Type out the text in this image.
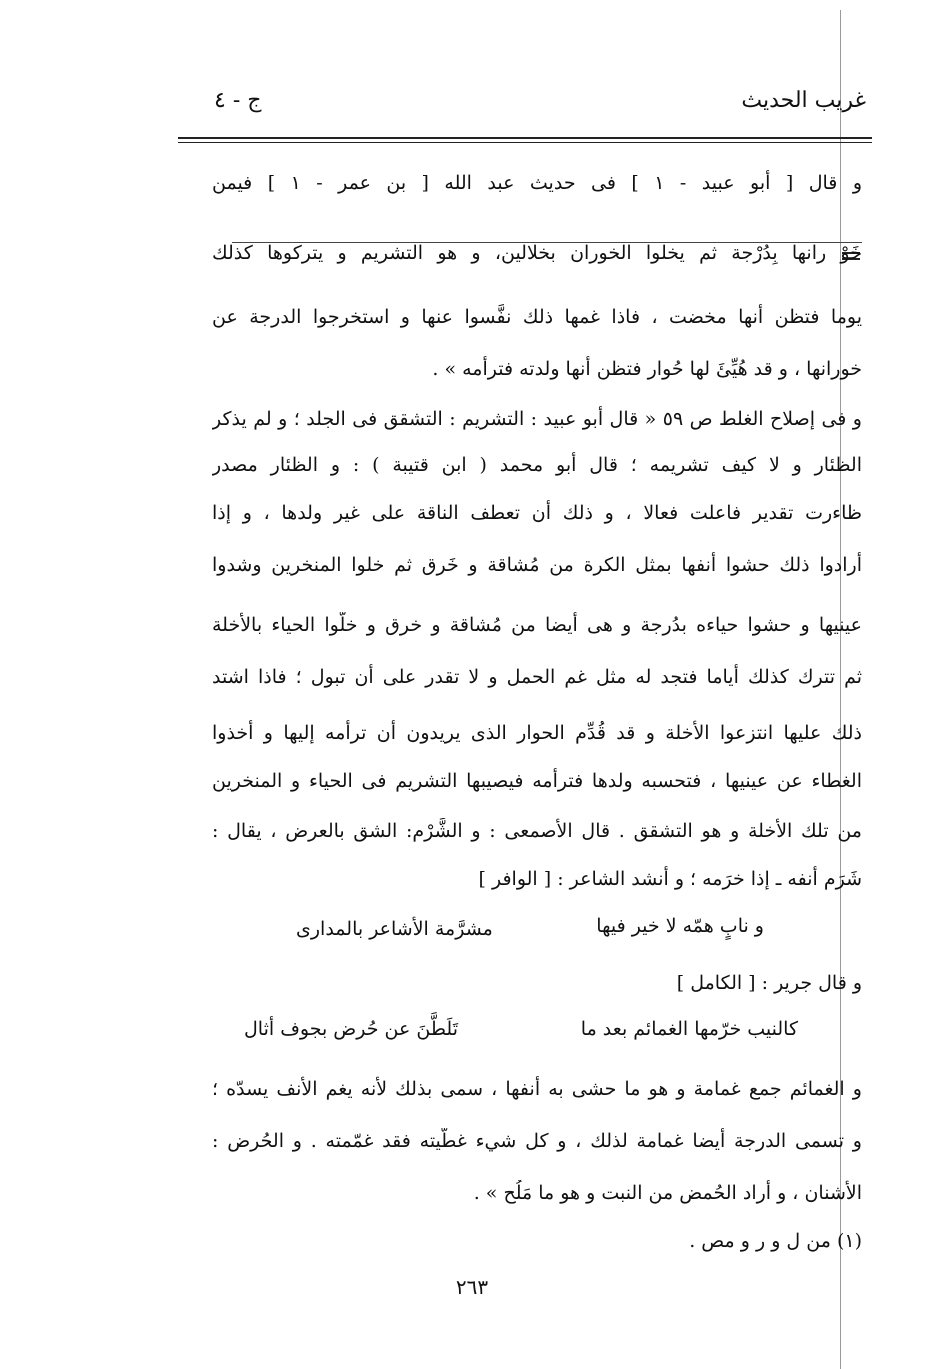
غريب الحديث
ج - ٤
و قال [ أبو عبيد - ١ ] فى حديث عبد الله [ بن عمر - ١ ] فيمن
خَوْ رانها بِدُرْجة ثم يخلوا الخوران بخلالين، و هو التشريم و يتركوها كذلك
يوما فتظن أنها مخضت ، فاذا غمها ذلك نفَّسوا عنها و استخرجوا الدرجة عن
خورانها ، و قد هُيِّئَ لها حُوار فتظن أنها ولدته فترأمه » .
و فى إصلاح الغلط ص ٥٩ « قال أبو عبيد : التشريم : التشقق فى الجلد ؛ و لم يذكر
الظئار و لا كيف تشريمه ؛ قال أبو محمد ( ابن قتيبة ) : و الظئار مصدر
ظاءرت تقدير فاعلت فعالا ، و ذلك أن تعطف الناقة على غير ولدها ، و إذا
أرادوا ذلك حشوا أنفها بمثل الكرة من مُشاقة و خَرق ثم خلوا المنخرين وشدوا
عينيها و حشوا حياءه بدُرجة و هى أيضا من مُشاقة و خرق و خلّوا الحياء بالأخلة
ثم تترك كذلك أياما فتجد له مثل غم الحمل و لا تقدر على أن تبول ؛ فاذا اشتد
ذلك عليها انتزعوا الأخلة و قد قُدِّم الحوار الذى يريدون أن ترأمه إليها و أخذوا
الغطاء عن عينيها ، فتحسبه ولدها فترأمه فيصيبها التشريم فى الحياء و المنخرين
من تلك الأخلة و هو التشقق . قال الأصمعى : و الشَّرْم: الشق بالعرض ، يقال :
شَرَم أنفه ـ إذا خرَمه ؛ و أنشد الشاعر : [ الوافر ]
و نابٍ همّه لا خير فيها
مشرَّمة الأشاعر بالمدارى
و قال جرير : [ الكامل ]
كالنيب خرّمها الغمائم بعد ما
تَلَطَّنَ عن حُرض بجوف أثال
و الغمائم جمع غمامة و هو ما حشى به أنفها ، سمى بذلك لأنه يغم الأنف يسدّه ؛
و تسمى الدرجة أيضا غمامة لذلك ، و كل شيء غطّيته فقد غمّمته . و الحُرض :
الأشنان ، و أراد الحُمض من النبت و هو ما مَلُح » .
(١) من ل و ر و مص .
٢٦٣
